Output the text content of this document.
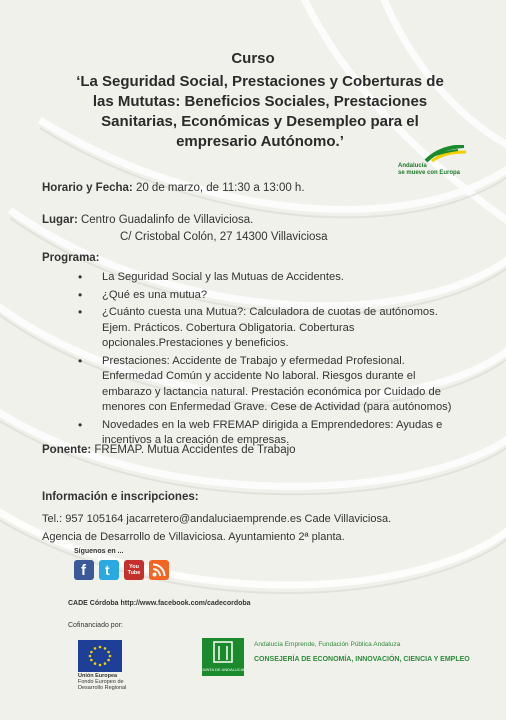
Curso
‘La Seguridad Social, Prestaciones y Coberturas de
las Mututas: Beneficios Sociales, Prestaciones
Sanitarias, Económicas y Desempleo para el
empresario Autónomo.’
Andalucía
se mueve con Europa
Horario y Fecha: 20 de marzo, de 11:30 a 13:00 h.
Lugar: Centro Guadalinfo de Villaviciosa.
C/ Cristobal Colón, 27 14300 Villaviciosa
Programa:
• La Seguridad Social y las Mutuas de Accidentes.
• ¿Qué es una mutua?
• ¿Cuánto cuesta una Mutua?: Calculadora de cuotas de autónomos. Ejem. Prácticos. Cobertura Obligatoria. Coberturas opcionales.Prestaciones y beneficios.
• Prestaciones: Accidente de Trabajo y efermedad Profesional. Enfermedad Común y accidente No laboral. Riesgos durante el embarazo y lactancia natural. Prestación económica por Cuidado de menores con Enfermedad Grave. Cese de Actividad (para autónomos)
• Novedades en la web FREMAP dirigida a Emprendedores: Ayudas e incentivos a la creación de empresas.
Ponente: FREMAP. Mutua Accidentes de Trabajo
Información e inscripciones:
Tel.: 957 105164 jacarretero@andaluciaemprende.es Cade Villaviciosa.
Agencia de Desarrollo de Villaviciosa. Ayuntamiento 2ª planta.
Síguenos en ...
f t	You Tube
CADE Córdoba http://www.facebook.com/cadecordoba
Cofinanciado por:
Unión Europea
Fondo Europeo de Desarrollo Regional
JUNTA DE ANDALUCIA
Andalucía Emprende, Fundación Pública Andaluza
CONSEJERÍA DE ECONOMÍA, INNOVACIÓN, CIENCIA Y EMPLEO
